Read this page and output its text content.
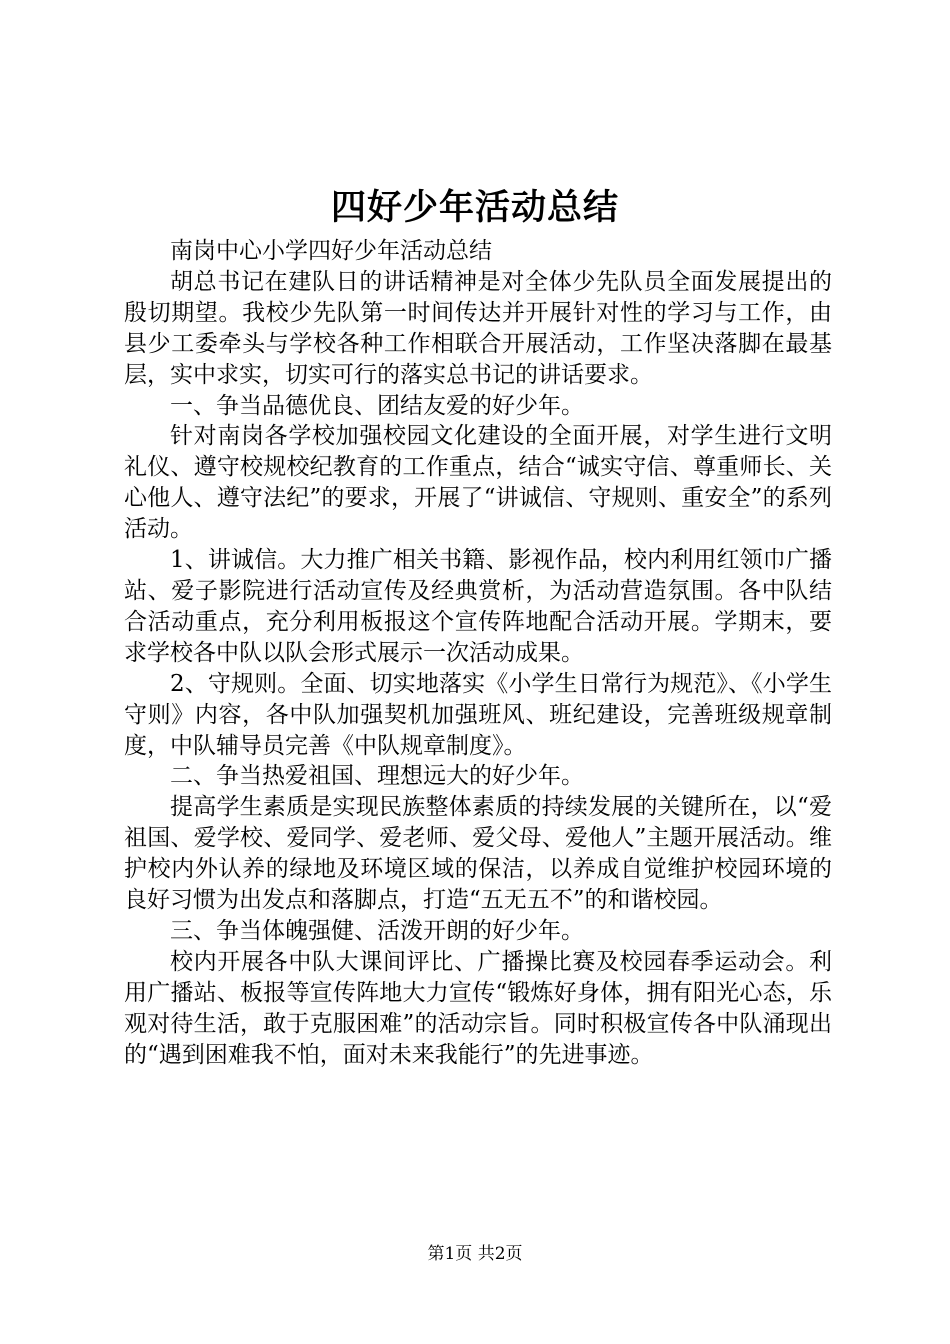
四好少年活动总结

南岗中心小学四好少年活动总结

胡总书记在建队日的讲话精神是对全体少先队员全面发展提出的殷切期望。我校少先队第一时间传达并开展针对性的学习与工作，由县少工委牵头与学校各种工作相联合开展活动，工作坚决落脚在最基层，实中求实，切实可行的落实总书记的讲话要求。

一、争当品德优良、团结友爱的好少年。

针对南岗各学校加强校园文化建设的全面开展，对学生进行文明礼仪、遵守校规校纪教育的工作重点，结合“诚实守信、尊重师长、关心他人、遵守法纪”的要求，开展了“讲诚信、守规则、重安全”的系列活动。

1、讲诚信。大力推广相关书籍、影视作品，校内利用红领巾广播站、爱子影院进行活动宣传及经典赏析，为活动营造氛围。各中队结合活动重点，充分利用板报这个宣传阵地配合活动开展。学期末，要求学校各中队以队会形式展示一次活动成果。

2、守规则。全面、切实地落实《小学生日常行为规范》、《小学生守则》内容，各中队加强契机加强班风、班纪建设，完善班级规章制度，中队辅导员完善《中队规章制度》。

二、争当热爱祖国、理想远大的好少年。

提高学生素质是实现民族整体素质的持续发展的关键所在，以“爱祖国、爱学校、爱同学、爱老师、爱父母、爱他人”主题开展活动。维护校内外认养的绿地及环境区域的保洁，以养成自觉维护校园环境的良好习惯为出发点和落脚点，打造“五无五不”的和谐校园。

三、争当体魄强健、活泼开朗的好少年。

校内开展各中队大课间评比、广播操比赛及校园春季运动会。利用广播站、板报等宣传阵地大力宣传“锻炼好身体，拥有阳光心态，乐观对待生活，敢于克服困难”的活动宗旨。同时积极宣传各中队涌现出的“遇到困难我不怕，面对未来我能行”的先进事迹。

第1页 共2页
